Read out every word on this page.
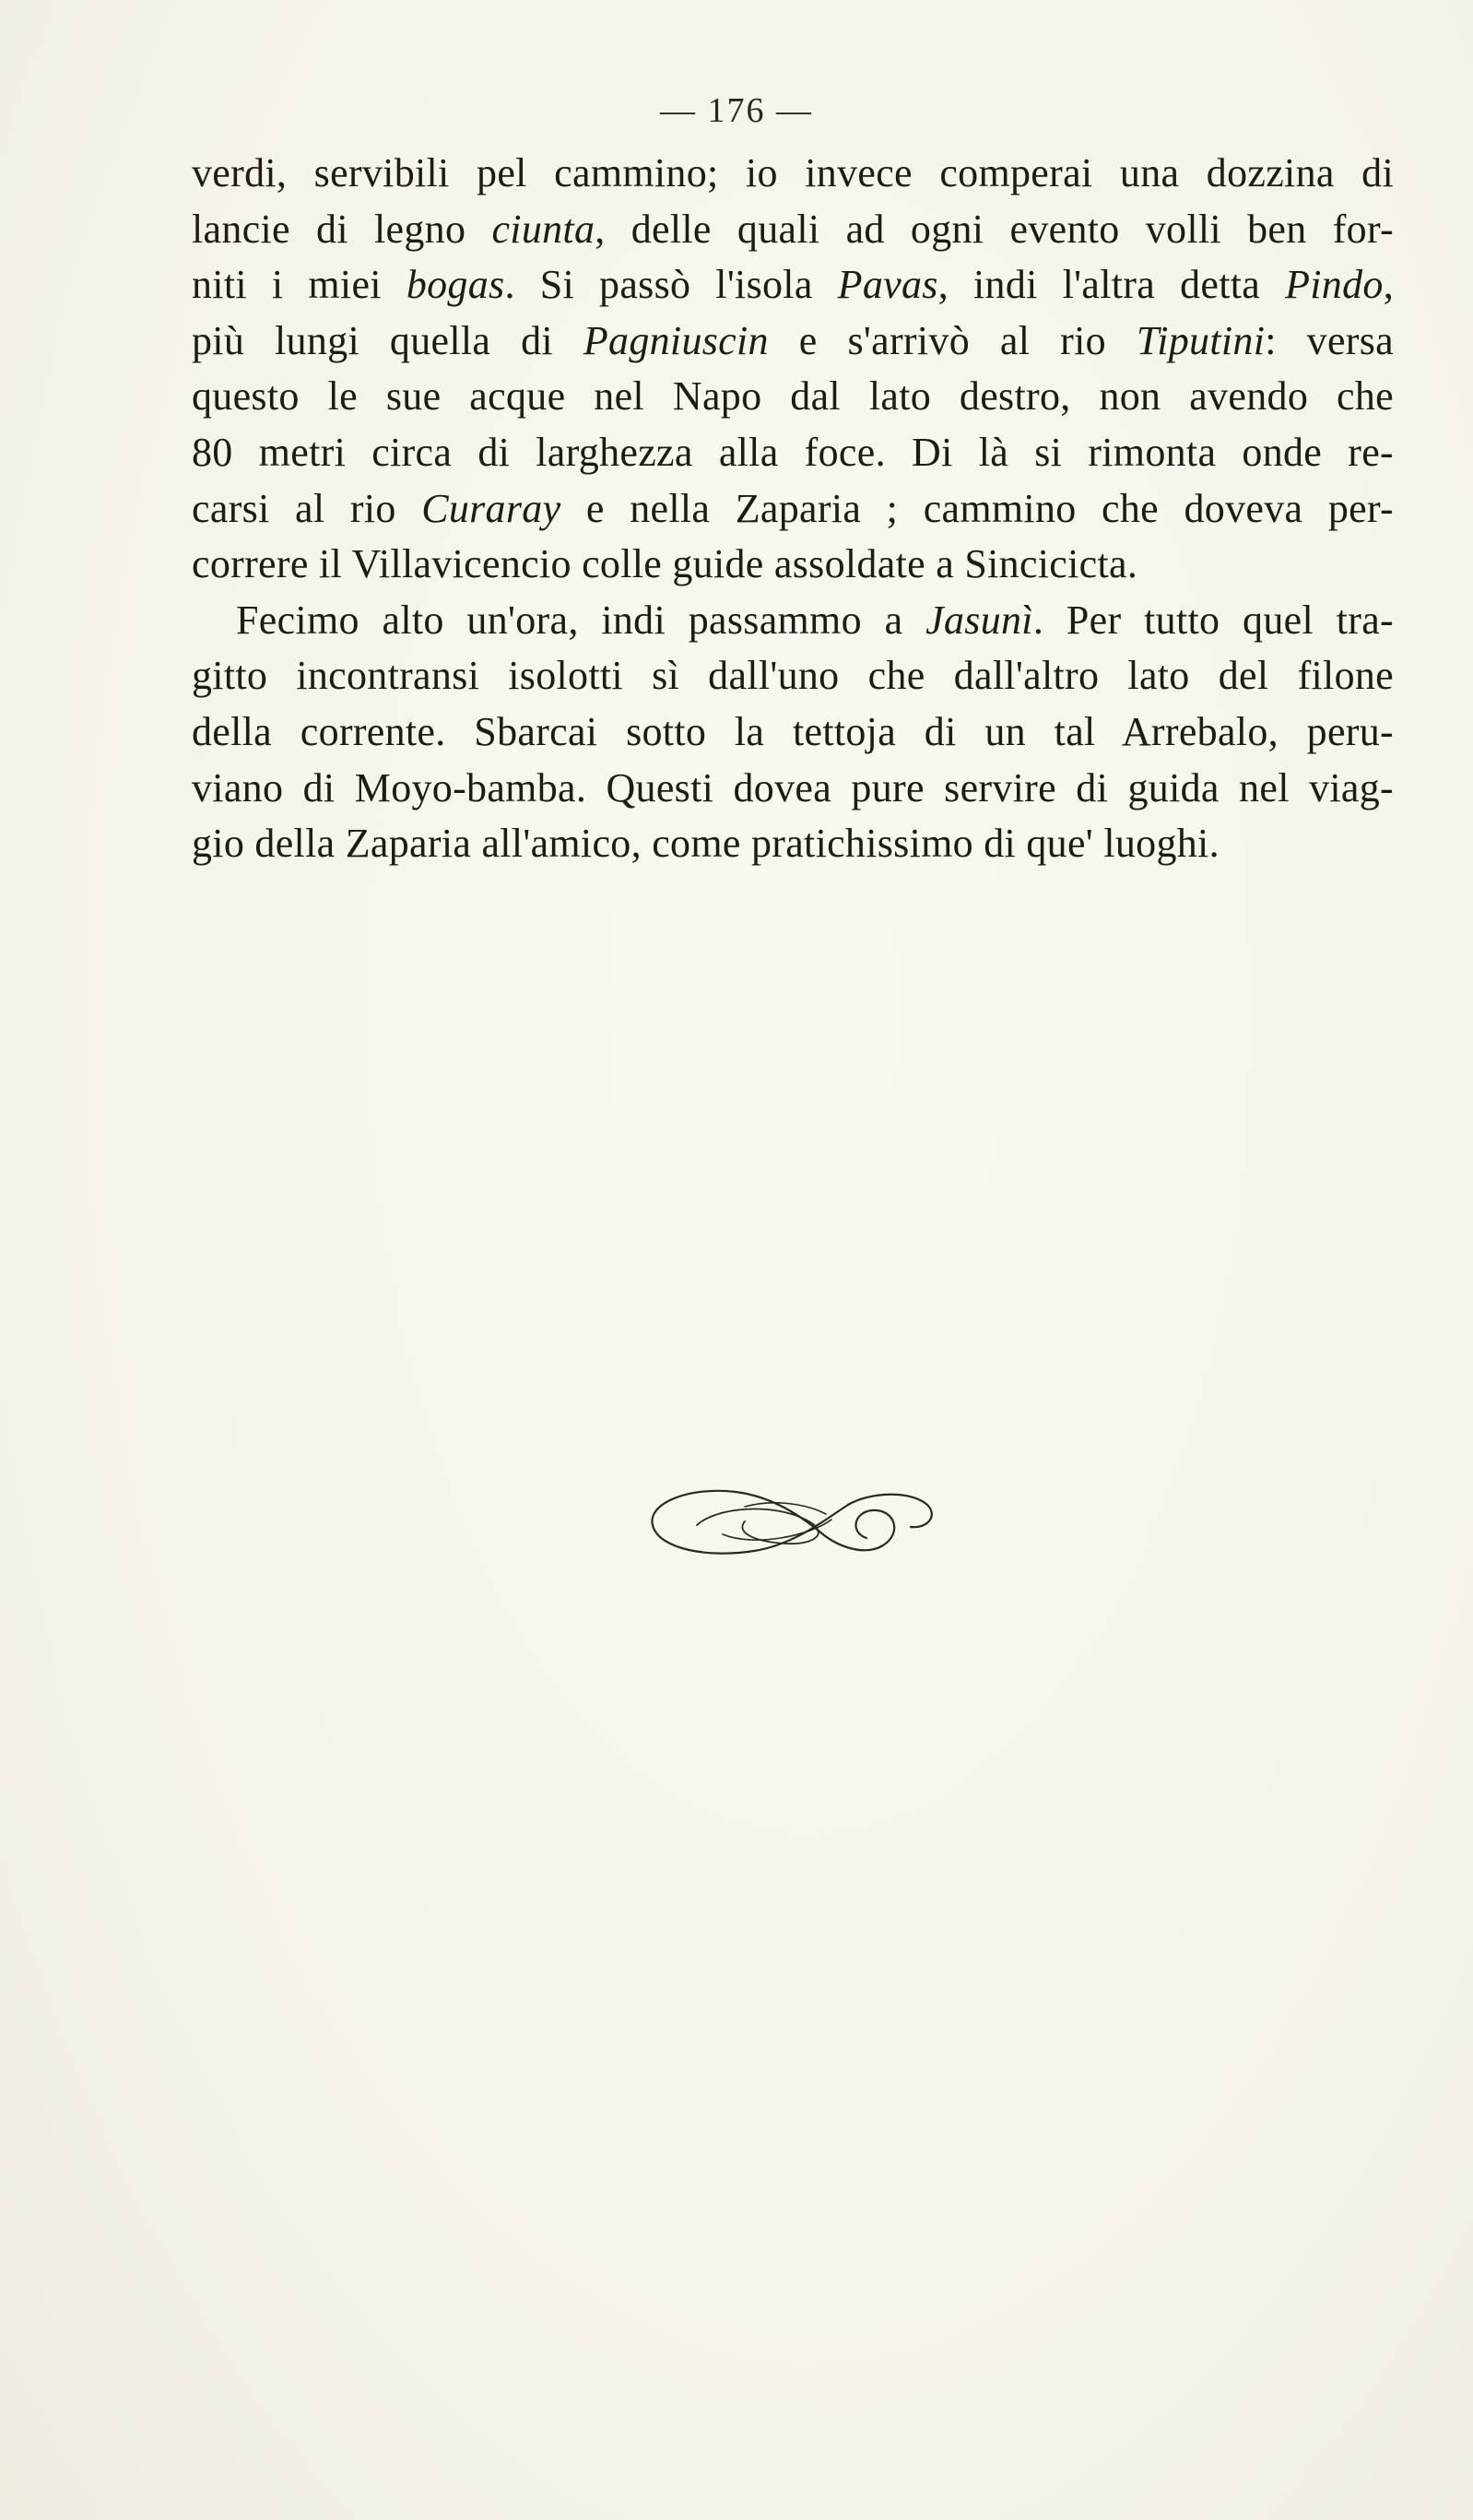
— 176 —
verdi, servibili pel cammino; io invece comperai una dozzina di
lancie di legno ciunta, delle quali ad ogni evento volli ben for-
niti i miei bogas. Si passò l'isola Pavas, indi l'altra detta Pindo,
più lungi quella di Pagniuscin e s'arrivò al rio Tiputini: versa
questo le sue acque nel Napo dal lato destro, non avendo che
80 metri circa di larghezza alla foce. Di là si rimonta onde re-
carsi al rio Curaray e nella Zaparia ; cammino che doveva per-
correre il Villavicencio colle guide assoldate a Sincicicta.
Fecimo alto un'ora, indi passammo a Jasunì. Per tutto quel tra-
gitto incontransi isolotti sì dall'uno che dall'altro lato del filone
della corrente. Sbarcai sotto la tettoja di un tal Arrebalo, peru-
viano di Moyo-bamba. Questi dovea pure servire di guida nel viag-
gio della Zaparia all'amico, come pratichissimo di que' luoghi.
